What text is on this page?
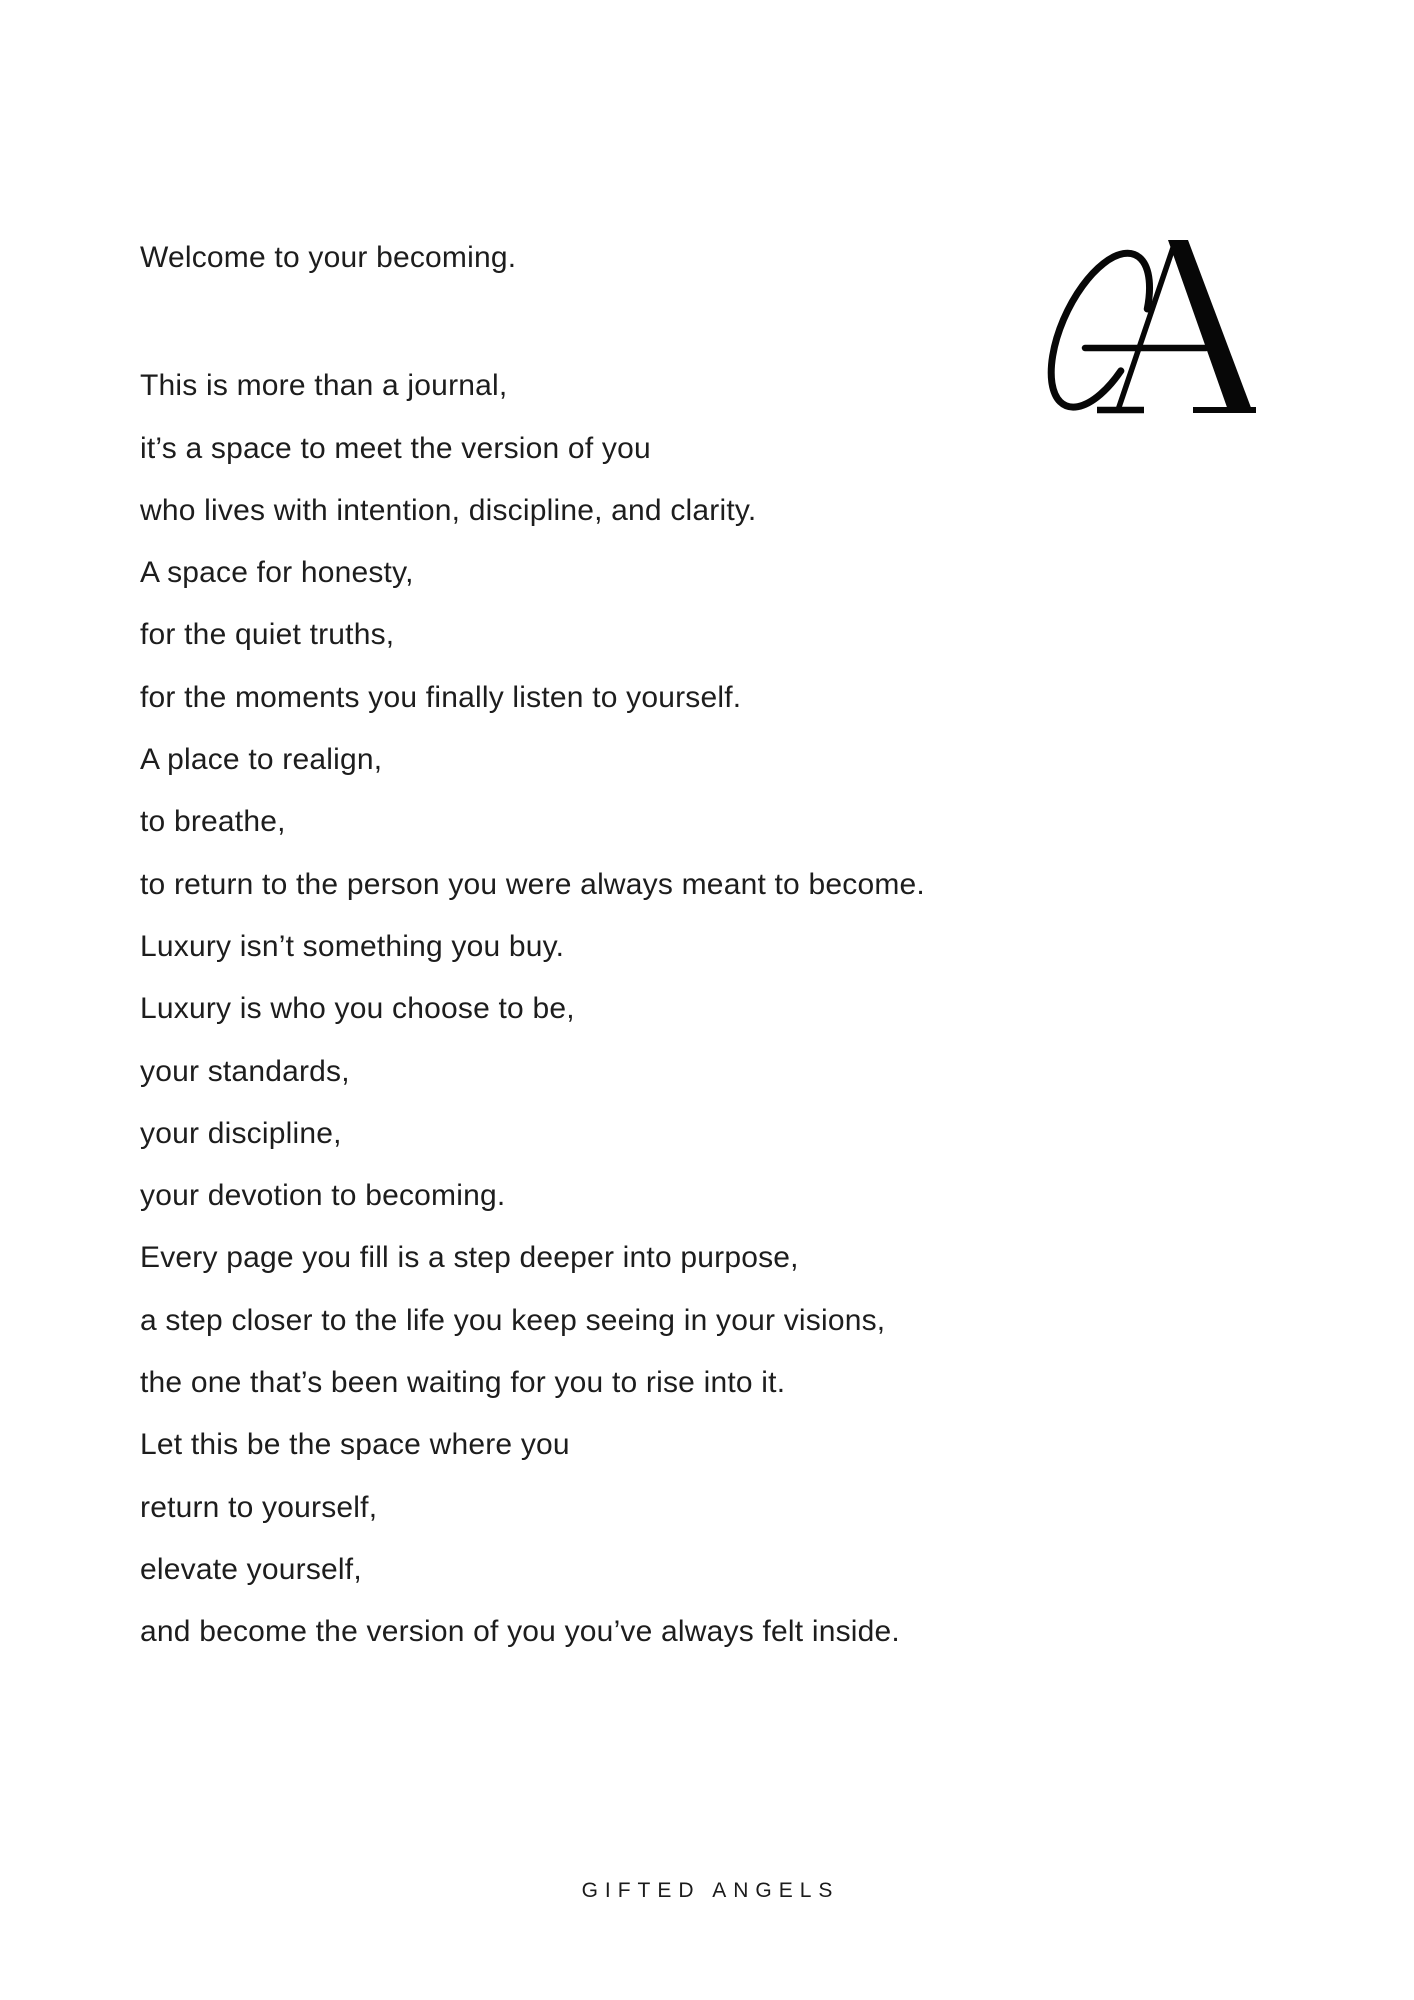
Welcome to your becoming.
This is more than a journal,
it’s a space to meet the version of you
who lives with intention, discipline, and clarity.
A space for honesty,
for the quiet truths,
for the moments you finally listen to yourself.
A place to realign,
to breathe,
to return to the person you were always meant to become.
Luxury isn’t something you buy.
Luxury is who you choose to be,
your standards,
your discipline,
your devotion to becoming.
Every page you fill is a step deeper into purpose,
a step closer to the life you keep seeing in your visions,
the one that’s been waiting for you to rise into it.
Let this be the space where you
return to yourself,
elevate yourself,
and become the version of you you’ve always felt inside.
GIFTED ANGELS
